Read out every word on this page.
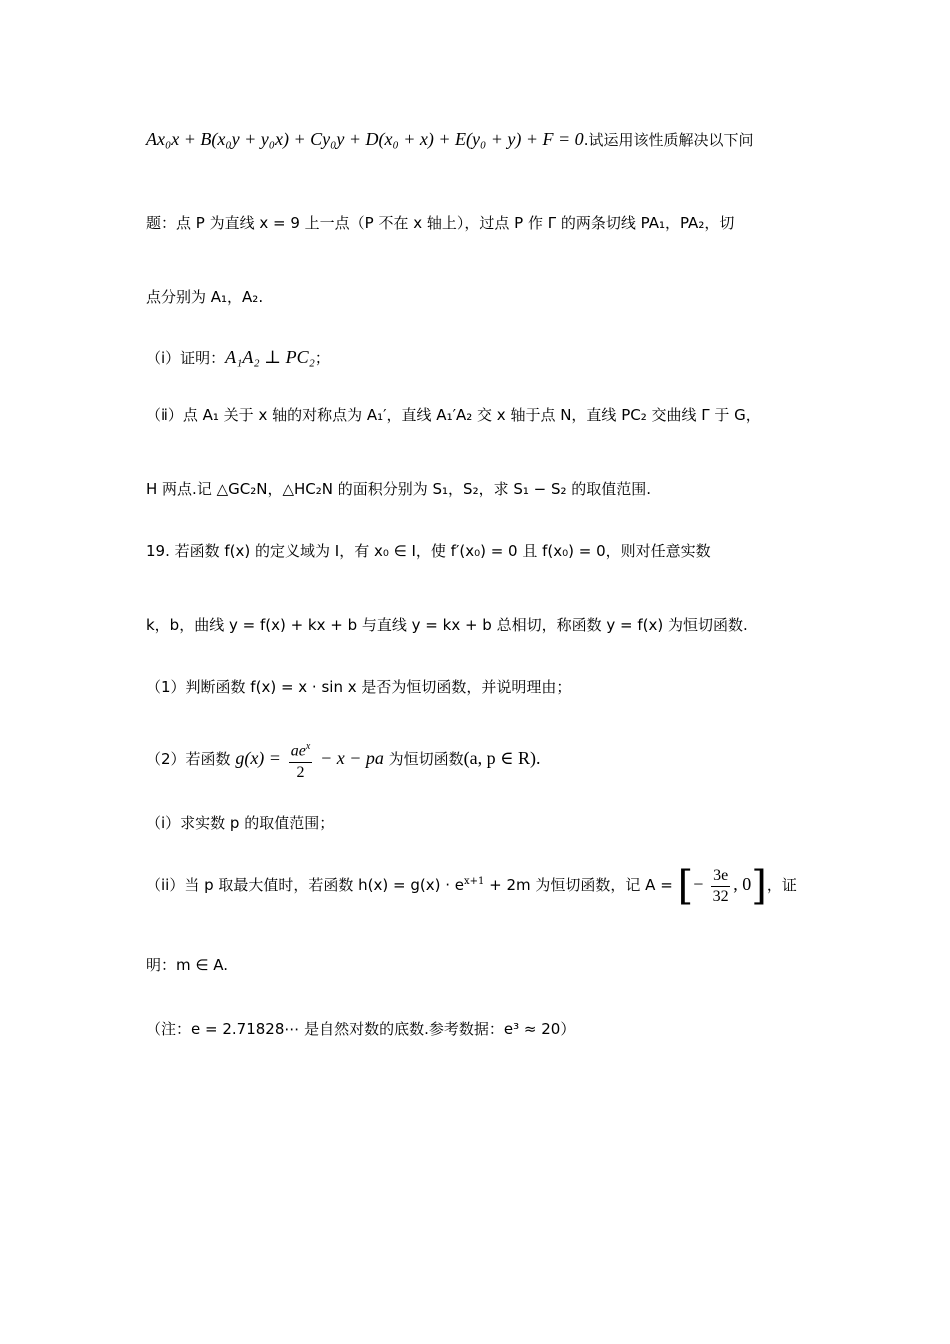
Ax₀x + B(x₀y + y₀x) + Cy₀y + D(x₀ + x) + E(y₀ + y) + F = 0.试运用该性质解决以下问
题：点 P 为直线 x = 9 上一点（P 不在 x 轴上），过点 P 作 Γ 的两条切线 PA₁，PA₂，切
点分别为 A₁，A₂.
（ⅰ）证明：A₁A₂ ⊥ PC₂；
（ⅱ）点 A₁ 关于 x 轴的对称点为 A₁′，直线 A₁′A₂ 交 x 轴于点 N，直线 PC₂ 交曲线 Γ 于 G，
H 两点.记 △GC₂N，△HC₂N 的面积分别为 S₁，S₂，求 S₁ − S₂ 的取值范围.
19. 若函数 f(x) 的定义域为 I，有 x₀ ∈ I，使 f′(x₀) = 0 且 f(x₀) = 0，则对任意实数
k，b，曲线 y = f(x) + kx + b 与直线 y = kx + b 总相切，称函数 y = f(x) 为恒切函数.
（1）判断函数 f(x) = x · sin x 是否为恒切函数，并说明理由；
（2）若函数 $g(x) = \frac{ae^x}{2} - x$ − pa 为恒切函数(a, p ∈ R).
（i）求实数 p 的取值范围；
（ii）当 p 取最大值时，若函数 $h(x) = g(x) \cdot e^{x+1} + 2m$ 为恒切函数，记 A = [− $\frac{3e}{32}$ , 0]，证
明：m ∈ A.
（注：e = 2.71828⋯ 是自然对数的底数.参考数据：e³ ≈ 20）
